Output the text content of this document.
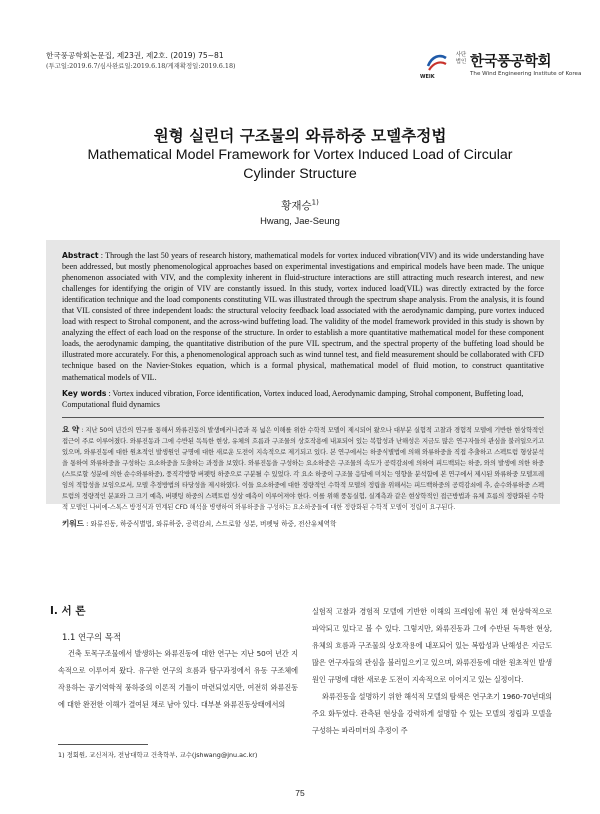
한국풍공학회논문집, 제23권, 제2호. (2019) 75~81
(투고일:2019.6.7/심사완료일:2019.6.18/게재확정일:2019.6.18)
WEIK
사단
법인 한국풍공학회
The Wind Engineering Institute of Korea
원형 실린더 구조물의 와류하중 모델추정법
Mathematical Model Framework for Vortex Induced Load of Circular Cylinder Structure
황재승$^{1)}$
Hwang, Jae-Seung

Abstract : Through the last 50 years of research history, mathematical models for vortex induced vibration(VIV) and its wide understanding have been addressed, but mostly phenomenological approaches based on experimental investigations and empirical models have been made. The unique phenomenon associated with VIV, and the complexity inherent in fluid-structure interactions are still attracting much research interest, and new challenges for identifying the origin of VIV are constantly issued. In this study, vortex induced load(VIL) was directly extracted by the force identification technique and the load components constituting VIL was illustrated through the spectrum shape analysis. From the analysis, it is found that VIL consisted of three independent loads: the structural velocity feedback load associated with the aerodynamic damping, pure vortex induced load with respect to Strohal component, and the across-wind buffeting load. The validity of the model framework provided in this study is shown by analyzing the effect of each load on the response of the structure. In order to establish a more quantitative mathematical model for these component loads, the aerodynamic damping, the quantitative distribution of the pure VIL spectrum, and the spectral property of the buffeting load should be illustrated more accurately. For this, a phenomenological approach such as wind tunnel test, and field measurement should be collaborated with CFD technique based on the Navier-Stokes equation, which is a formal physical, mathematical model of fluid motion, to construct quantitative mathematical models of VIL.

Key words : Vortex induced vibration, Force identification, Vortex induced load, Aerodynamic damping, Strohal component, Buffeting load, Computational fluid dynamics

요 약 : 지난 50여 년간의 연구를 통해서 와류진동의 발생메커니즘과 폭 넓은 이해를 위한 수학적 모델이 제시되어 왔으나 대부분 실험적 고찰과 경험적 모델에 기반한 현상학적인 접근이 주로 이루어졌다. 와류진동과 그에 수반된 독특한 현상, 유체의 흐름과 구조물의 상호작용에 내포되어 있는 복합성과 난해성은 지금도 많은 연구자들의 관심을 불러일으키고 있으며, 와류진동에 대한 원초적인 발생원인 규명에 대한 새로운 도전이 지속적으로 제기되고 있다. 본 연구에서는 하중식별법에 의해 와류하중을 직접 추출하고 스펙트럼 형상분석을 통하여 와류하중을 구성하는 요소하중을 도출하는 과정을 보였다. 와류진동을 구성하는 요소하중은 구조물의 속도가 공력감쇠에 의하여 피드백되는 하중, 와의 발생에 의한 하중(스트로할 성분에 의한 순수와류하중), 풍직각방향 버펫팅 하중으로 구분될 수 있었다. 각 요소 하중이 구조물 응답에 미치는 영향을 분석함에 본 연구에서 제시된 와류하중 모델프레임의 적합성을 보임으로서, 모델 추정방법의 타당성을 제시하였다. 이들 요소하중에 대한 정량적인 수학적 모델의 정립을 위해서는 피드백하중의 공력감쇠에 추, 순수와류하중 스펙트럼의 정량적인 분포와 그 크기 예측, 버펫팅 하중의 스펙트럼 성상 예측이 이루어져야 한다. 이를 위해 풍동실험, 실계측과 같은 현상학적인 접근방법과 유체 흐름의 정량화된 수학적 모델인 나비에-스톡스 방정식과 연계된 CFD 해석을 병행하여 와류하중을 구성하는 요소하중들에 대한 정량화된 수학적 모델이 정립이 요구된다.

키워드 : 와류진동, 하중식별법, 와류하중, 공력감쇠, 스트로할 성분, 버펫팅 하중, 전산유체역학

I. 서 론
1.1 연구의 목적

건축 토목구조물에서 발생하는 와류진동에 대한 연구는 지난 50여 년간 지속적으로 이루어져 왔다. 유구한 연구의 흐름과 탐구과정에서 유동 구조체에 작용하는 공기역학적 풍하중의 이론적 기틀이 마련되었지만, 여전히 와류진동에 대한 완전한 이해가 결여된 채로 남아 있다. 대부분 와류진동상태에서의

실험적 고찰과 경험적 모델에 기반한 이해의 프레임에 묶인 채 현상학적으로 파악되고 있다고 볼 수 있다. 그렇지만, 와류진동과 그에 수반된 독특한 현상, 유체의 흐름과 구조물의 상호작용에 내포되어 있는 복합성과 난해성은 지금도 많은 연구자들의 관심을 불러일으키고 있으며, 와류진동에 대한 원초적인 발생원인 규명에 대한 새로운 도전이 지속적으로 이어지고 있는 실정이다.

와류진동을 설명하기 위한 해석적 모델의 탐색은 연구초기 1960-70년대의 주요 화두였다. 관측된 현상을 강력하게 설명할 수 있는 모델의 정립과 모델을 구성하는 파라미터의 추정이 주

1) 정회원, 교신저자, 전남대학교 건축학부, 교수(jshwang@jnu.ac.kr)
75
